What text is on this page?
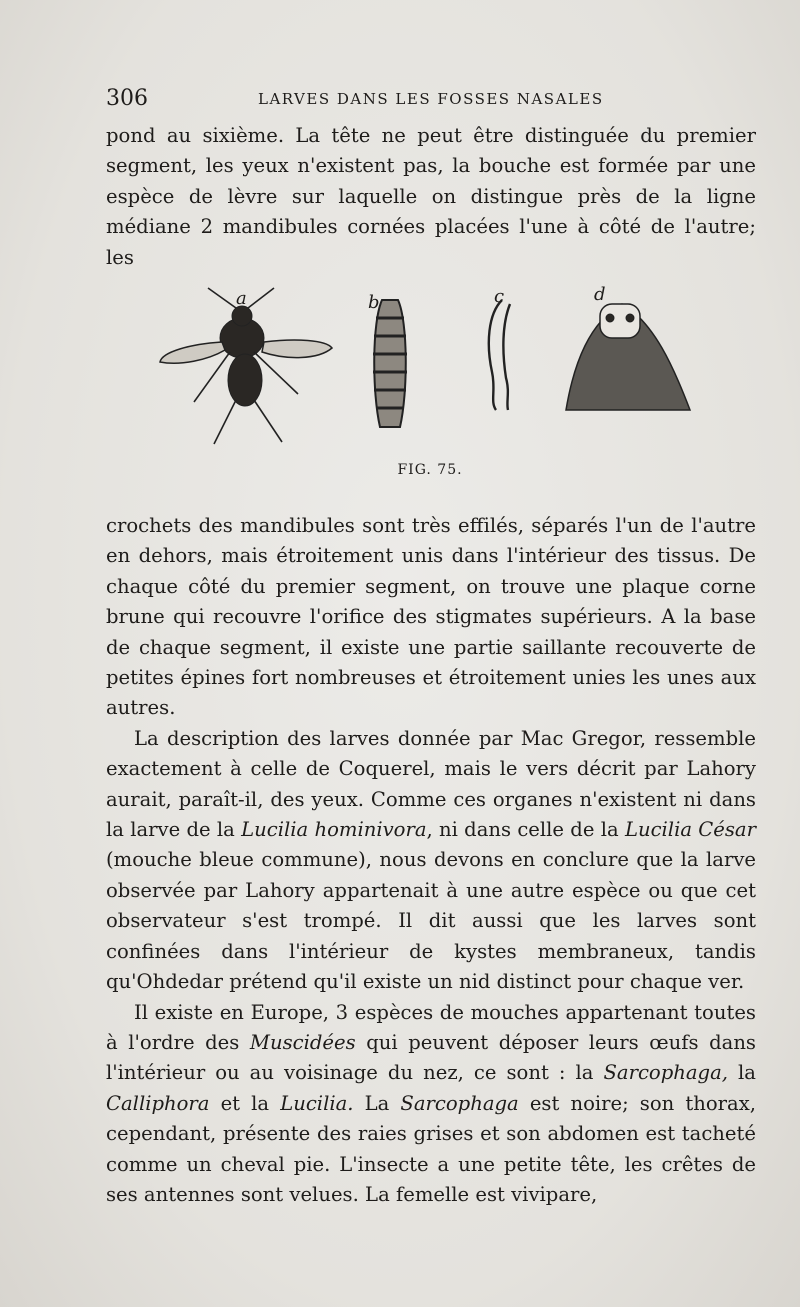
306	LARVES DANS LES FOSSES NASALES

pond au sixième. La tête ne peut être distinguée du premier segment, les yeux n'existent pas, la bouche est formée par une espèce de lèvre sur laquelle on distingue près de la ligne médiane 2 mandibules cornées placées l'une à côté de l'autre; les

a	b	c	d
FIG. 75.

crochets des mandibules sont très effilés, séparés l'un de l'autre en dehors, mais étroitement unis dans l'intérieur des tissus. De chaque côté du premier segment, on trouve une plaque corne brune qui recouvre l'orifice des stigmates supérieurs. A la base de chaque segment, il existe une partie saillante recouverte de petites épines fort nombreuses et étroitement unies les unes aux autres.

La description des larves donnée par Mac Gregor, ressemble exactement à celle de Coquerel, mais le vers décrit par Lahory aurait, paraît-il, des yeux. Comme ces organes n'existent ni dans la larve de la Lucilia hominivora, ni dans celle de la Lucilia César (mouche bleue commune), nous devons en conclure que la larve observée par Lahory appartenait à une autre espèce ou que cet observateur s'est trompé. Il dit aussi que les larves sont confinées dans l'intérieur de kystes membraneux, tandis qu'Ohdedar prétend qu'il existe un nid distinct pour chaque ver.

Il existe en Europe, 3 espèces de mouches appartenant toutes à l'ordre des Muscidées qui peuvent déposer leurs œufs dans l'intérieur ou au voisinage du nez, ce sont : la Sarcophaga, la Calliphora et la Lucilia. La Sarcophaga est noire; son thorax, cependant, présente des raies grises et son abdomen est tacheté comme un cheval pie. L'insecte a une petite tête, les crêtes de ses antennes sont velues. La femelle est vivipare,
